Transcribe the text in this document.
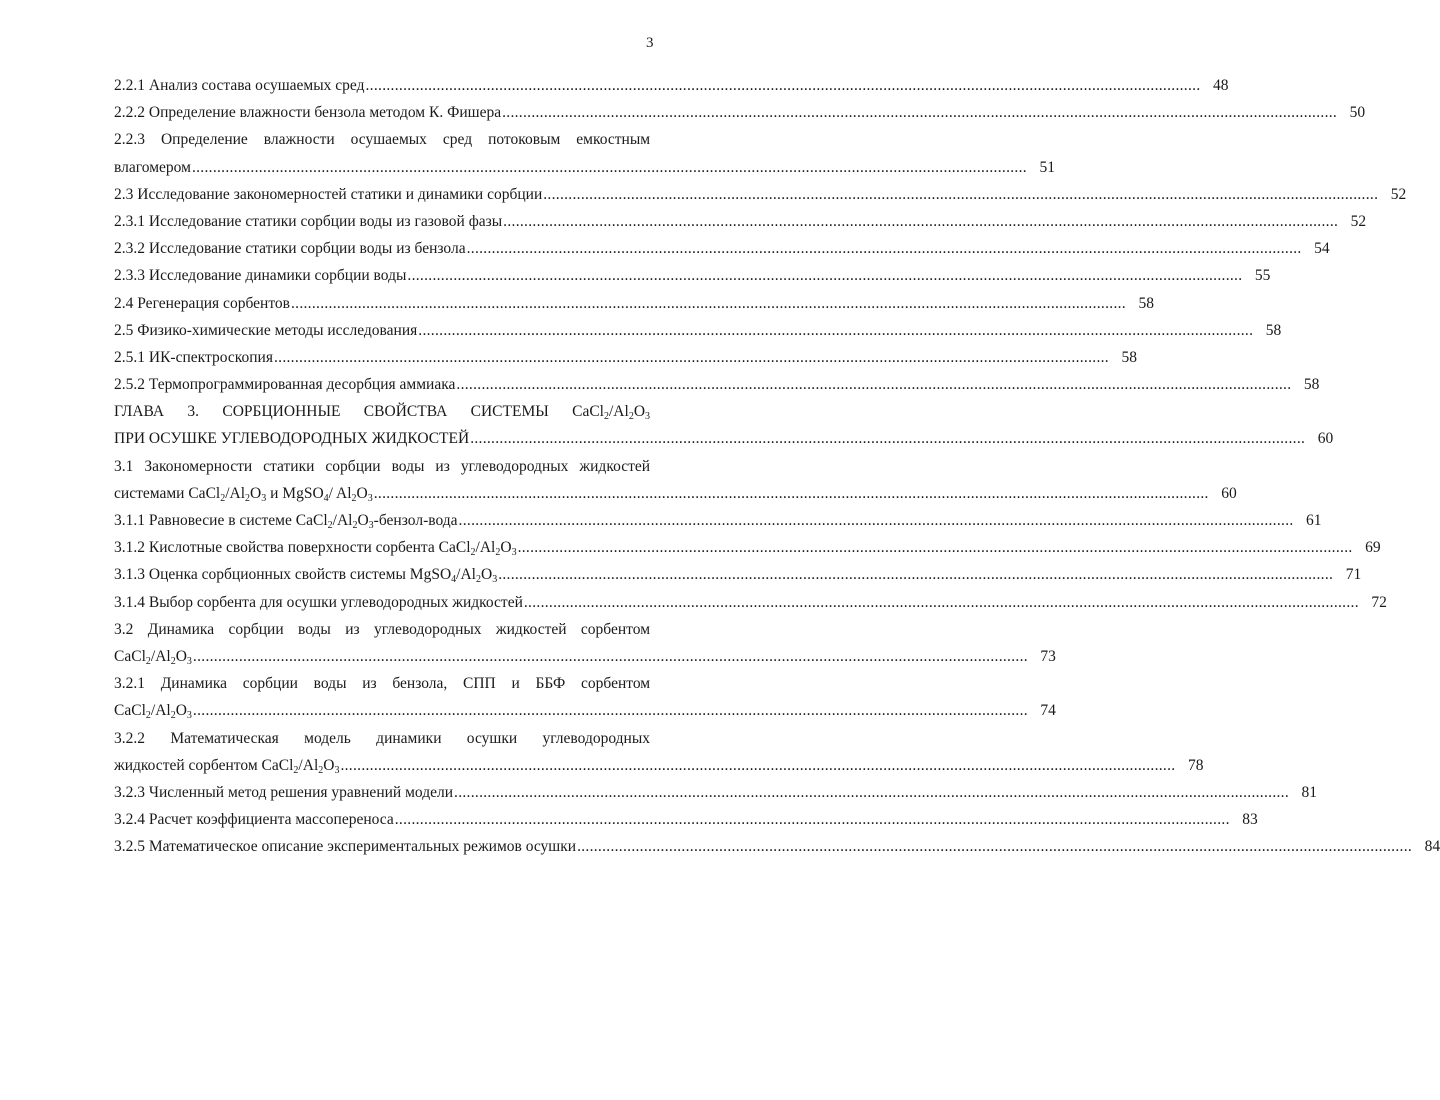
3
2.2.1 Анализ состава осушаемых сред ........................................................................................................................................................................................................ 48
2.2.2 Определение влажности бензола методом К. Фишера ........................................................................................................................................................................................................ 50
2.2.3 Определение влажности осушаемых сред потоковым емкостным
влагомером ........................................................................................................................................................................................................ 51
2.3 Исследование закономерностей статики и динамики сорбции ........................................................................................................................................................................................................ 52
2.3.1 Исследование статики сорбции воды из газовой фазы ........................................................................................................................................................................................................ 52
2.3.2 Исследование статики сорбции воды из бензола ........................................................................................................................................................................................................ 54
2.3.3 Исследование динамики сорбции воды ........................................................................................................................................................................................................ 55
2.4 Регенерация сорбентов ........................................................................................................................................................................................................ 58
2.5 Физико-химические методы исследования ........................................................................................................................................................................................................ 58
2.5.1 ИК-спектроскопия ........................................................................................................................................................................................................ 58
2.5.2 Термопрограммированная десорбция аммиака ........................................................................................................................................................................................................ 58
ГЛАВА 3. СОРБЦИОННЫЕ СВОЙСТВА СИСТЕМЫ $CaCl_2/Al_2O_3$
ПРИ ОСУШКЕ УГЛЕВОДОРОДНЫХ ЖИДКОСТЕЙ ........................................................................................................................................................................................................ 60
3.1 Закономерности статики сорбции воды из углеводородных жидкостей
системами $CaCl_2/Al_2O_3$ и MgSO$_4$/ $Al_2O_3$ ........................................................................................................................................................................................................ 60
3.1.1 Равновесие в системе $CaCl_2/Al_2O_3-бензол$-вода ........................................................................................................................................................................................................ 61
3.1.2 Кислотные свойства поверхности сорбента $CaCl_2/Al_2O_3$ ........................................................................................................................................................................................................ 69
3.1.3 Оценка сорбционных свойств системы $MgSO_4/Al_2O_3$ ........................................................................................................................................................................................................ 71
3.1.4 Выбор сорбента для осушки углеводородных жидкостей ........................................................................................................................................................................................................ 72
3.2 Динамика сорбции воды из углеводородных жидкостей сорбентом
$CaCl_2/Al_2O_3$ ........................................................................................................................................................................................................ 73
3.2.1 Динамика сорбции воды из бензола, СПП и ББФ сорбентом
$CaCl_2/Al_2O_3$ ........................................................................................................................................................................................................ 74
3.2.2 Математическая модель динамики осушки углеводородных
жидкостей сорбентом $CaCl_2/Al_2O_3$ ........................................................................................................................................................................................................ 78
3.2.3 Численный метод решения уравнений модели ........................................................................................................................................................................................................ 81
3.2.4 Расчет коэффициента массопереноса ........................................................................................................................................................................................................ 83
3.2.5 Математическое описание экспериментальных режимов осушки ........................................................................................................................................................................................................ 84
